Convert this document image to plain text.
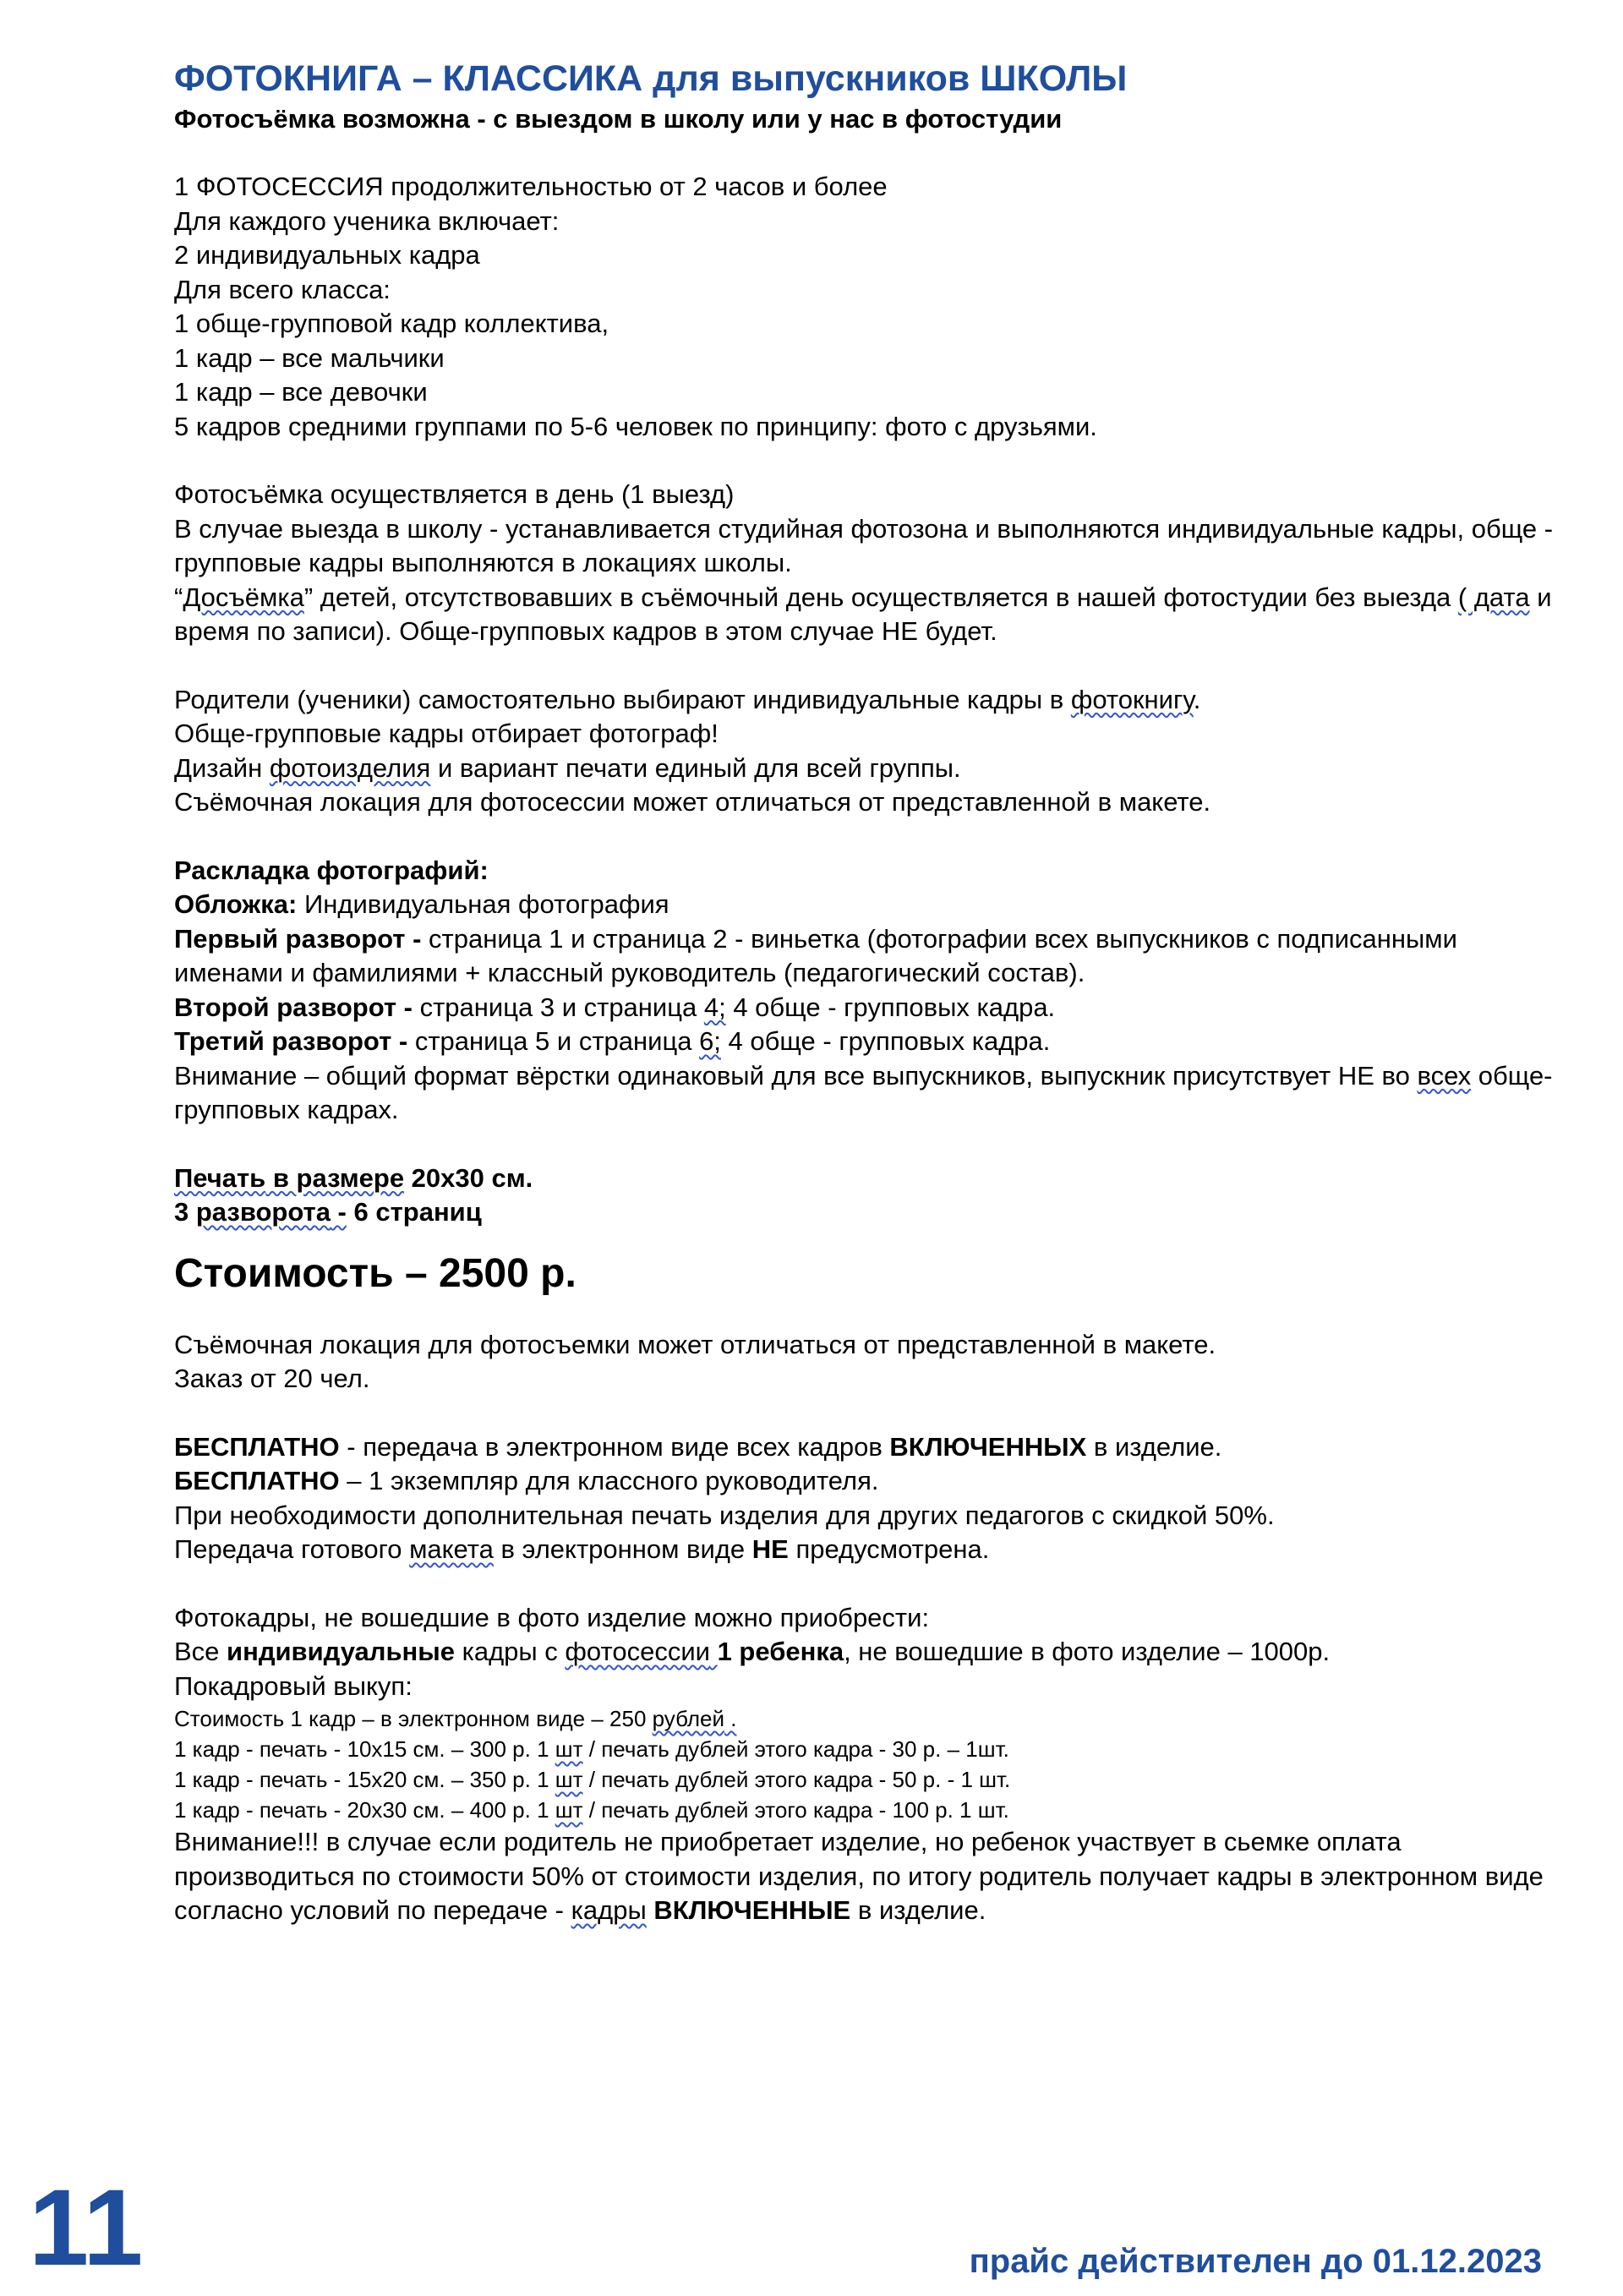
ФОТОКНИГА – КЛАССИКА для выпускников ШКОЛЫ

Фотосъёмка возможна - с выездом в школу или у нас в фотостудии

1 ФОТОСЕССИЯ продолжительностью от 2 часов и более
Для каждого ученика включает:
2 индивидуальных кадра
Для всего класса:
1 обще-групповой кадр коллектива,
1 кадр – все мальчики
1 кадр – все девочки
5 кадров средними группами по 5-6 человек по принципу: фото с друзьями.
Фотосъёмка осуществляется в день (1 выезд)
В случае выезда в школу - устанавливается студийная фотозона и выполняются индивидуальные кадры, обще - групповые кадры выполняются в локациях школы.
“Досъёмка” детей, отсутствовавших в съёмочный день осуществляется в нашей фотостудии без выезда ( дата и время по записи). Обще-групповых кадров в этом случае НЕ будет.
Родители (ученики) самостоятельно выбирают индивидуальные кадры в фотокнигу.
Обще-групповые кадры отбирает фотограф!
Дизайн фотоизделия и вариант печати единый для всей группы.
Съёмочная локация для фотосессии может отличаться от представленной в макете.
Раскладка фотографий:
Обложка: Индивидуальная фотография
Первый разворот - страница 1 и страница 2 - виньетка (фотографии всех выпускников с подписанными именами и фамилиями + классный руководитель (педагогический состав).
Второй разворот - страница 3 и страница 4; 4 обще - групповых кадра.
Третий разворот - страница 5 и страница 6; 4 обще - групповых кадра.
Внимание – общий формат вёрстки одинаковый для все выпускников, выпускник присутствует НЕ во всех обще-групповых кадрах.
Печать в размере 20х30 см.
3 разворота - 6 страниц
Стоимость – 2500 р.
Съёмочная локация для фотосъемки может отличаться от представленной в макете.
Заказ от 20 чел.
БЕСПЛАТНО - передача в электронном виде всех кадров ВКЛЮЧЕННЫХ в изделие.
БЕСПЛАТНО – 1 экземпляр для классного руководителя.
При необходимости дополнительная печать изделия для других педагогов с скидкой 50%.
Передача готового макета в электронном виде НЕ предусмотрена.
Фотокадры, не вошедшие в фото изделие можно приобрести:
Все индивидуальные кадры с фотосессии 1 ребенка, не вошедшие в фото изделие – 1000р.
Покадровый выкуп:
Стоимость 1 кадр – в электронном виде – 250 рублей .
1 кадр - печать - 10х15 см. – 300 р. 1 шт / печать дублей этого кадра - 30 р. – 1шт.
1 кадр - печать - 15х20 см. – 350 р. 1 шт / печать дублей этого кадра - 50 р. - 1 шт.
1 кадр - печать - 20х30 см. – 400 р. 1 шт / печать дублей этого кадра - 100 р. 1 шт.
Внимание!!! в случае если родитель не приобретает изделие, но ребенок участвует в сьемке оплата производиться по стоимости 50% от стоимости изделия, по итогу родитель получает кадры в электронном виде согласно условий по передаче - кадры ВКЛЮЧЕННЫЕ в изделие.
11	прайс действителен до 01.12.2023
